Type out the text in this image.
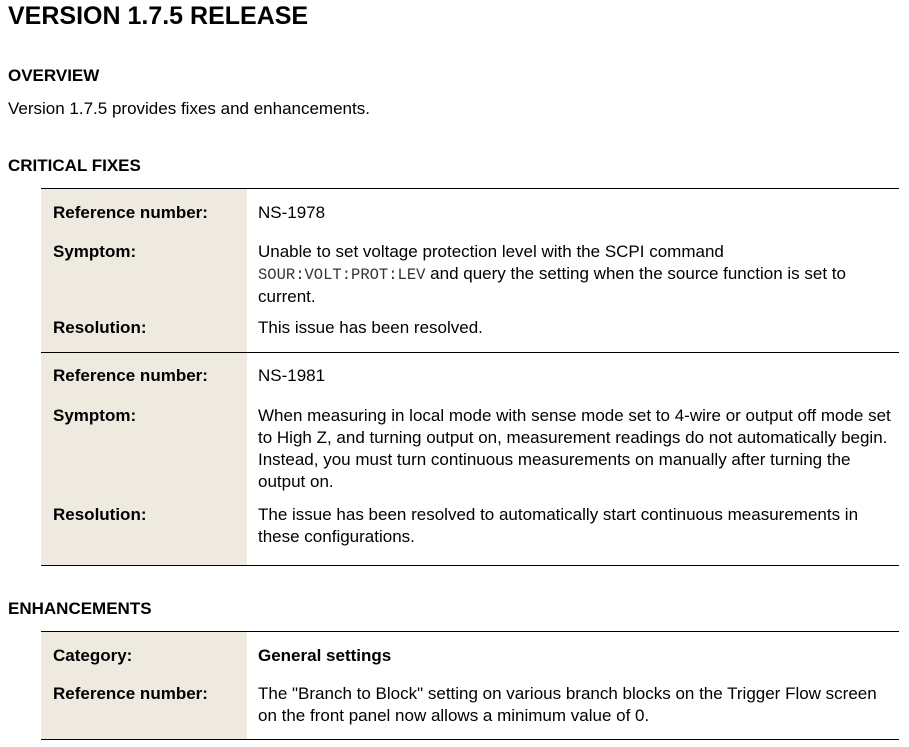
VERSION 1.7.5 RELEASE
OVERVIEW

Version 1.7.5 provides fixes and enhancements.

CRITICAL FIXES
Reference number:	NS-1978
Symptom:	Unable to set voltage protection level with the SCPI command
SOUR:VOLT:PROT:LEV and query the setting when the source function is set to current.
Resolution:	This issue has been resolved.
Reference number:	NS-1981
Symptom:	When measuring in local mode with sense mode set to 4-wire or output off mode set to High Z, and turning output on, measurement readings do not automatically begin. Instead, you must turn continuous measurements on manually after turning the output on.
Resolution:	The issue has been resolved to automatically start continuous measurements in these configurations.
ENHANCEMENTS
Category:	General settings
Reference number:	The "Branch to Block" setting on various branch blocks on the Trigger Flow screen on the front panel now allows a minimum value of 0.
